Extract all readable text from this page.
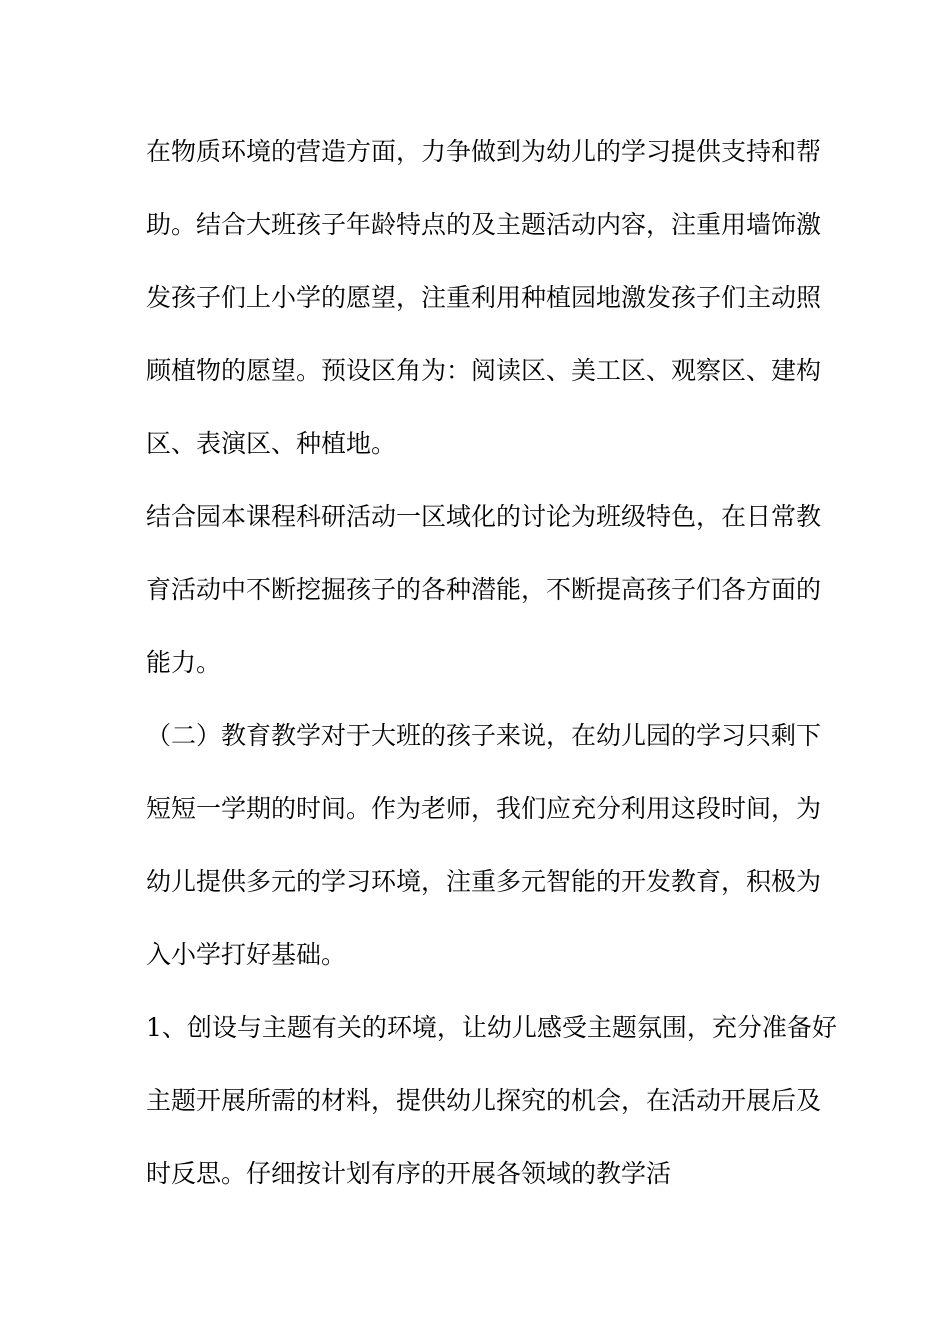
在物质环境的营造方面，力争做到为幼儿的学习提供支持和帮

助。结合大班孩子年龄特点的及主题活动内容，注重用墙饰激

发孩子们上小学的愿望，注重利用种植园地激发孩子们主动照

顾植物的愿望。预设区角为：阅读区、美工区、观察区、建构

区、表演区、种植地。

结合园本课程科研活动一区域化的讨论为班级特色，在日常教

育活动中不断挖掘孩子的各种潜能，不断提高孩子们各方面的

能力。

（二）教育教学对于大班的孩子来说，在幼儿园的学习只剩下

短短一学期的时间。作为老师，我们应充分利用这段时间，为

幼儿提供多元的学习环境，注重多元智能的开发教育，积极为

入小学打好基础。

1、创设与主题有关的环境，让幼儿感受主题氛围，充分准备好

主题开展所需的材料，提供幼儿探究的机会，在活动开展后及

时反思。仔细按计划有序的开展各领域的教学活
